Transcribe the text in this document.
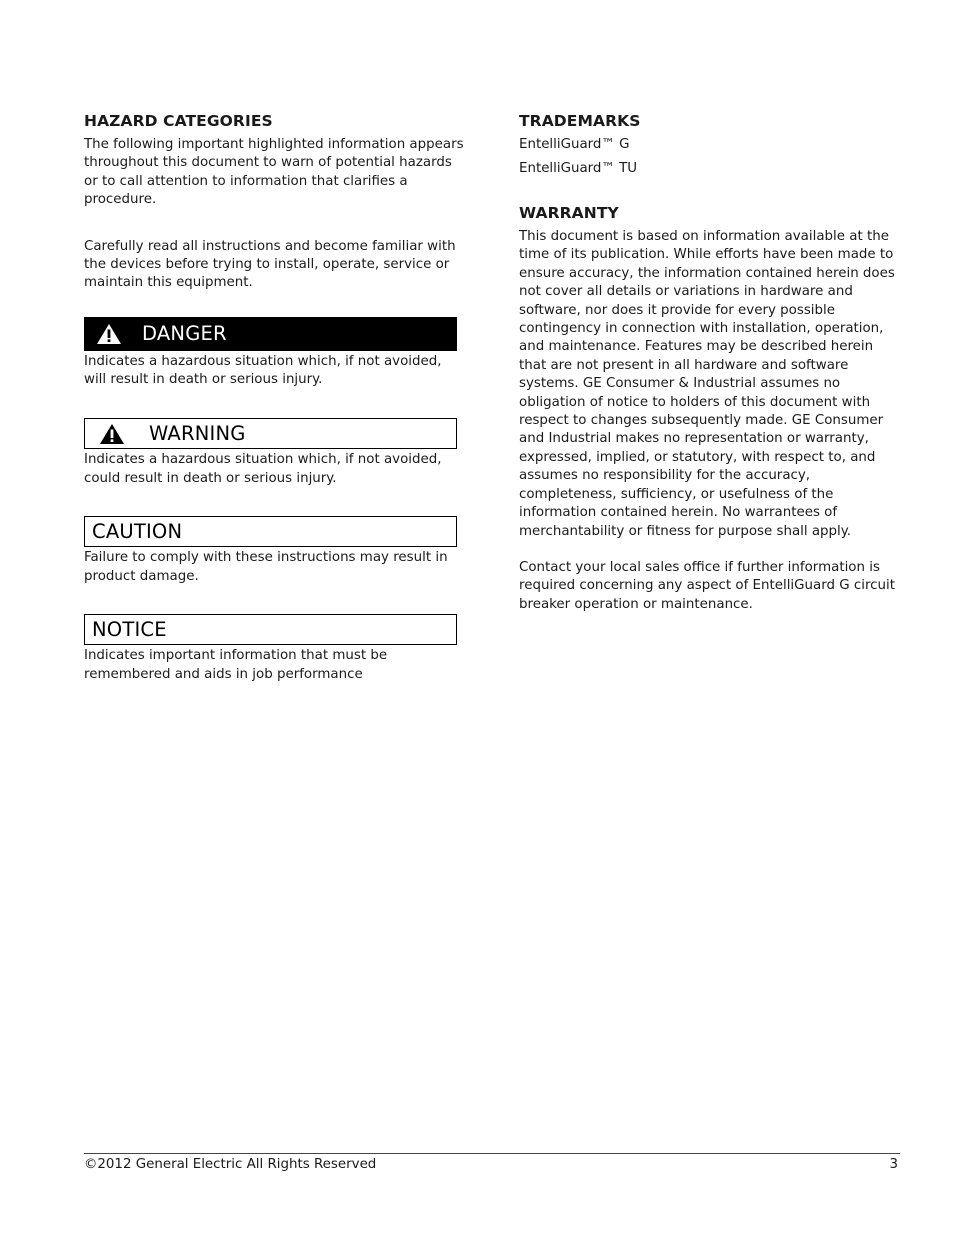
HAZARD CATEGORIES

The following important highlighted information appears throughout this document to warn of potential hazards or to call attention to information that clarifies a procedure.

Carefully read all instructions and become familiar with the devices before trying to install, operate, service or maintain this equipment.

DANGER

Indicates a hazardous situation which, if not avoided, will result in death or serious injury.

WARNING

Indicates a hazardous situation which, if not avoided, could result in death or serious injury.

CAUTION

Failure to comply with these instructions may result in product damage.

NOTICE

Indicates important information that must be remembered and aids in job performance

TRADEMARKS

EntelliGuard™ G

EntelliGuard™ TU

WARRANTY

This document is based on information available at the time of its publication. While efforts have been made to ensure accuracy, the information contained herein does not cover all details or variations in hardware and software, nor does it provide for every possible contingency in connection with installation, operation, and maintenance. Features may be described herein that are not present in all hardware and software systems. GE Consumer & Industrial assumes no obligation of notice to holders of this document with respect to changes subsequently made. GE Consumer and Industrial makes no representation or warranty, expressed, implied, or statutory, with respect to, and assumes no responsibility for the accuracy, completeness, sufficiency, or usefulness of the information contained herein. No warrantees of merchantability or fitness for purpose shall apply.

Contact your local sales office if further information is required concerning any aspect of EntelliGuard G circuit breaker operation or maintenance.

©2012 General Electric All Rights Reserved	3
